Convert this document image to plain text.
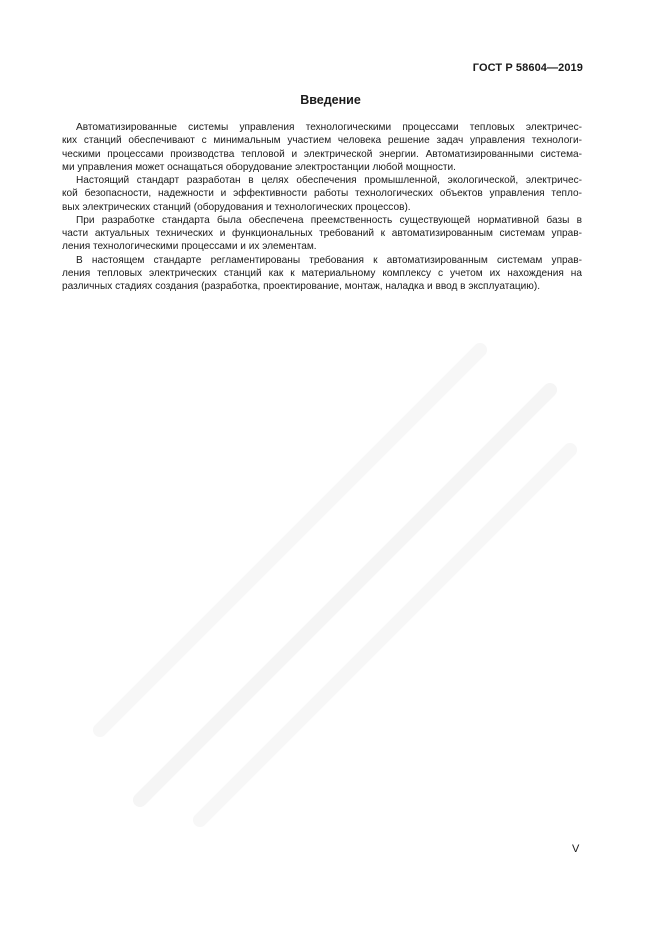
ГОСТ Р 58604—2019
Введение
Автоматизированные системы управления технологическими процессами тепловых электричес-
ких станций обеспечивают с минимальным участием человека решение задач управления технологи-
ческими процессами производства тепловой и электрической энергии. Автоматизированными система-
ми управления может оснащаться оборудование электростанции любой мощности.
Настоящий стандарт разработан в целях обеспечения промышленной, экологической, электричес-
кой безопасности, надежности и эффективности работы технологических объектов управления тепло-
вых электрических станций (оборудования и технологических процессов).
При разработке стандарта была обеспечена преемственность существующей нормативной базы в
части актуальных технических и функциональных требований к автоматизированным системам управ-
ления технологическими процессами и их элементам.
В настоящем стандарте регламентированы требования к автоматизированным системам управ-
ления тепловых электрических станций как к материальному комплексу с учетом их нахождения на
различных стадиях создания (разработка, проектирование, монтаж, наладка и ввод в эксплуатацию).
V
